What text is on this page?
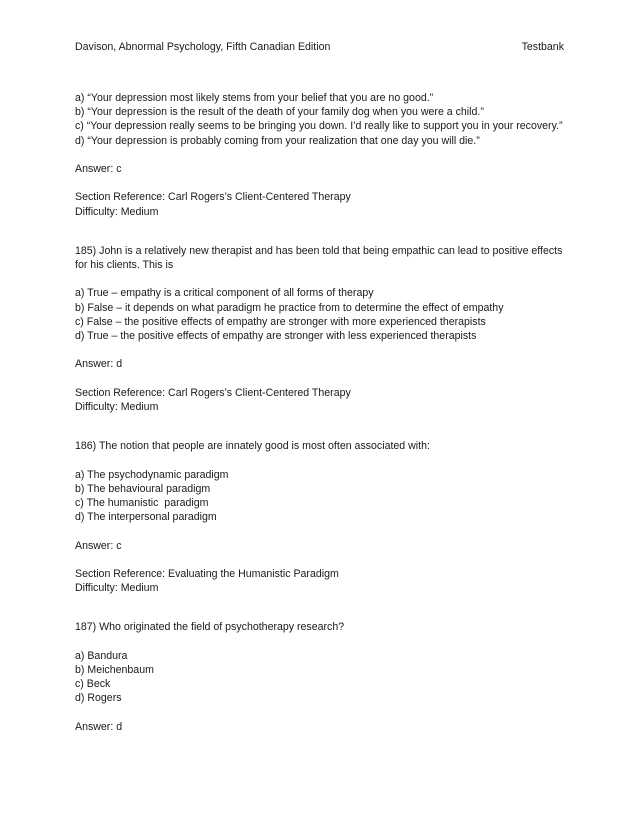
Davison, Abnormal Psychology, Fifth Canadian Edition	Testbank
a) “Your depression most likely stems from your belief that you are no good.”
b) “Your depression is the result of the death of your family dog when you were a child.”
c) “Your depression really seems to be bringing you down. I’d really like to support you in your recovery.”
d) “Your depression is probably coming from your realization that one day you will die.”
Answer: c
Section Reference: Carl Rogers’s Client-Centered Therapy
Difficulty: Medium
185) John is a relatively new therapist and has been told that being empathic can lead to positive effects for his clients. This is
a) True – empathy is a critical component of all forms of therapy
b) False – it depends on what paradigm he practice from to determine the effect of empathy
c) False – the positive effects of empathy are stronger with more experienced therapists
d) True – the positive effects of empathy are stronger with less experienced therapists
Answer: d
Section Reference: Carl Rogers’s Client-Centered Therapy
Difficulty: Medium
186) The notion that people are innately good is most often associated with:
a) The psychodynamic paradigm
b) The behavioural paradigm
c) The humanistic  paradigm
d) The interpersonal paradigm
Answer: c
Section Reference: Evaluating the Humanistic Paradigm
Difficulty: Medium
187) Who originated the field of psychotherapy research?
a) Bandura
b) Meichenbaum
c) Beck
d) Rogers
Answer: d
